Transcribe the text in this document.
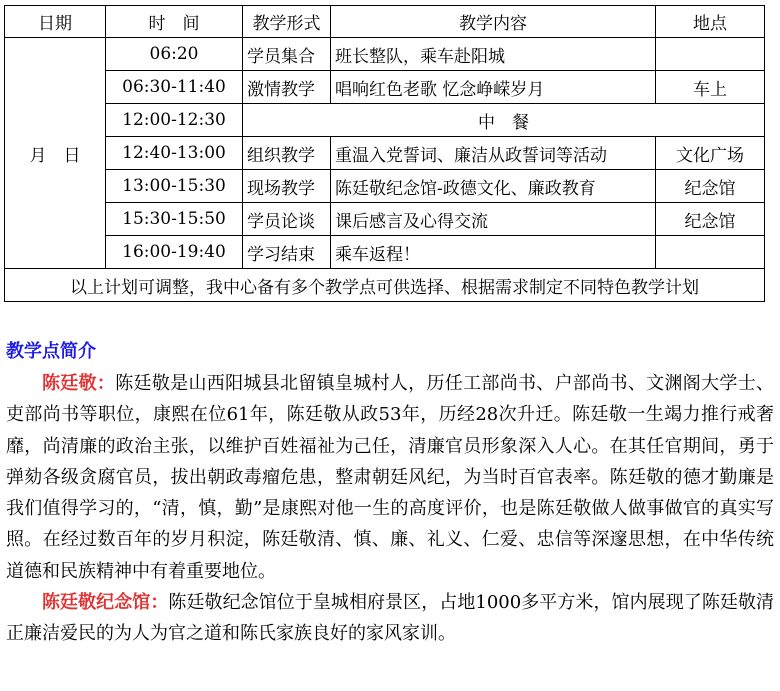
日期	时　间	教学形式	教学内容	地点
月　日	06:20	学员集合	班长整队，乘车赴阳城	
	06:30-11:40	激情教学	唱响红色老歌 忆念峥嵘岁月	车上
	12:00-12:30	中　餐		
	12:40-13:00	组织教学	重温入党誓词、廉洁从政誓词等活动	文化广场
	13:00-15:30	现场教学	陈廷敬纪念馆-政德文化、廉政教育	纪念馆
	15:30-15:50	学员论谈	课后感言及心得交流	纪念馆
	16:00-19:40	学习结束	乘车返程！	
以上计划可调整，我中心备有多个教学点可供选择、根据需求制定不同特色教学计划				
教学点简介

陈廷敬：陈廷敬是山西阳城县北留镇皇城村人，历任工部尚书、户部尚书、文渊阁大学士、吏部尚书等职位，康熙在位61年，陈廷敬从政53年，历经28次升迁。陈廷敬一生竭力推行戒奢靡，尚清廉的政治主张，以维护百姓福祉为己任，清廉官员形象深入人心。在其任官期间，勇于弹劾各级贪腐官员，拔出朝政毒瘤危患，整肃朝廷风纪，为当时百官表率。陈廷敬的德才勤廉是我们值得学习的，“清，慎，勤”是康熙对他一生的高度评价，也是陈廷敬做人做事做官的真实写照。在经过数百年的岁月积淀，陈廷敬清、慎、廉、礼义、仁爱、忠信等深邃思想，在中华传统道德和民族精神中有着重要地位。

陈廷敬纪念馆：陈廷敬纪念馆位于皇城相府景区，占地1000多平方米，馆内展现了陈廷敬清正廉洁爱民的为人为官之道和陈氏家族良好的家风家训。
